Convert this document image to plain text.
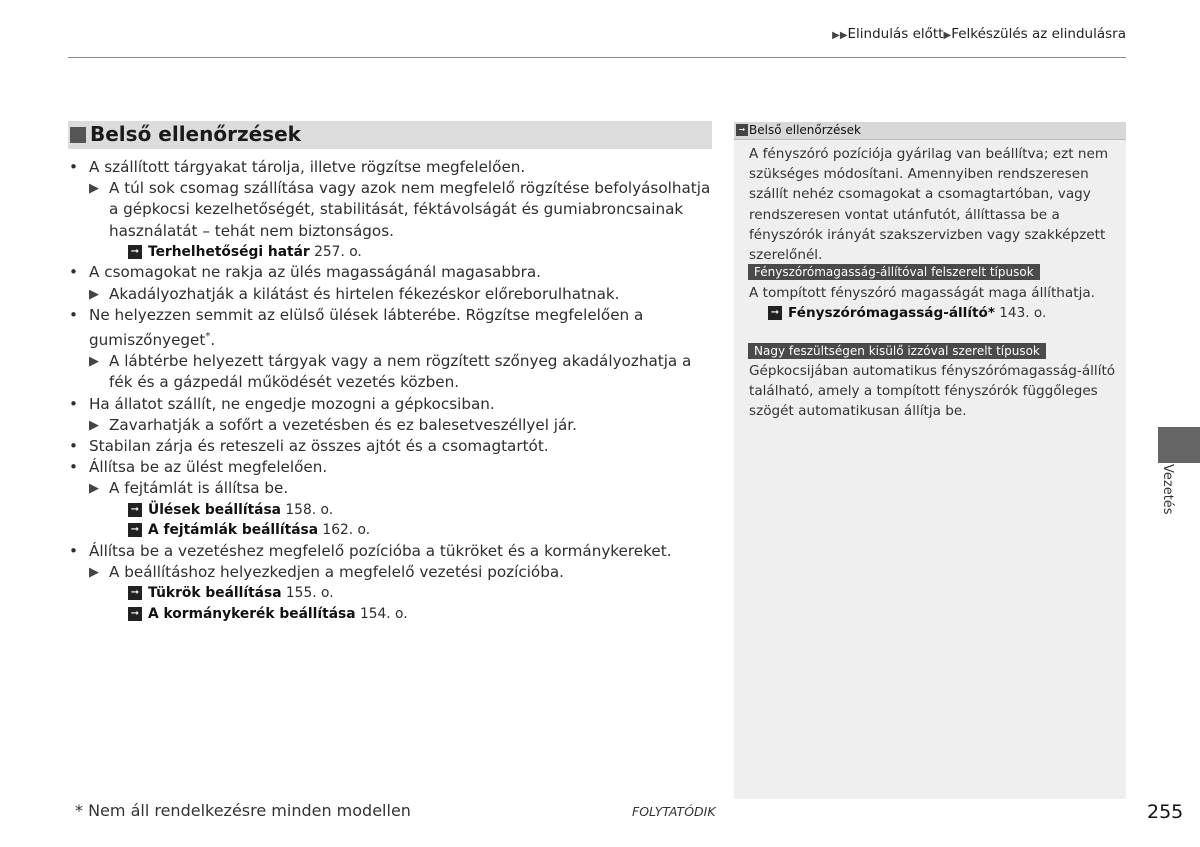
▶▶Elindulás előtt▶Felkészülés az elindulásra
Belső ellenőrzések
• A szállított tárgyakat tárolja, illetve rögzítse megfelelően.
▶ A túl sok csomag szállítása vagy azok nem megfelelő rögzítése befolyásolhatja a gépkocsi kezelhetőségét, stabilitását, féktávolságát és gumiabroncsainak használatát – tehát nem biztonságos.
➞ Terhelhetőségi határ 257. o.
• A csomagokat ne rakja az ülés magasságánál magasabbra.
▶ Akadályozhatják a kilátást és hirtelen fékezéskor előreborulhatnak.
• Ne helyezzen semmit az elülső ülések lábterébe. Rögzítse megfelelően a gumiszőnyeget*.
▶ A lábtérbe helyezett tárgyak vagy a nem rögzített szőnyeg akadályozhatja a fék és a gázpedál működését vezetés közben.
• Ha állatot szállít, ne engedje mozogni a gépkocsiban.
▶ Zavarhatják a sofőrt a vezetésben és ez balesetveszéllyel jár.
• Stabilan zárja és reteszeli az összes ajtót és a csomagtartót.
• Állítsa be az ülést megfelelően.
▶ A fejtámlát is állítsa be.
➞ Ülések beállítása 158. o.
➞ A fejtámlák beállítása 162. o.
• Állítsa be a vezetéshez megfelelő pozícióba a tükröket és a kormánykereket.
▶ A beállításhoz helyezkedjen a megfelelő vezetési pozícióba.
➞ Tükrök beállítása 155. o.
➞ A kormánykerék beállítása 154. o.
➞ Belső ellenőrzések
A fényszóró pozíciója gyárilag van beállítva; ezt nem szükséges módosítani. Amennyiben rendszeresen szállít nehéz csomagokat a csomagtartóban, vagy rendszeresen vontat utánfutót, állíttassa be a fényszórók irányát szakszervizben vagy szakképzett szerelőnél.
Fényszórómagasság-állítóval felszerelt típusok
A tompított fényszóró magasságát maga állíthatja.
➞ Fényszórómagasság-állító* 143. o.
Nagy feszültségen kisülő izzóval szerelt típusok
Gépkocsijában automatikus fényszórómagasság-állító található, amely a tompított fényszórók függőleges szögét automatikusan állítja be.
Vezetés
* Nem áll rendelkezésre minden modellen	FOLYTATÓDIK	255
